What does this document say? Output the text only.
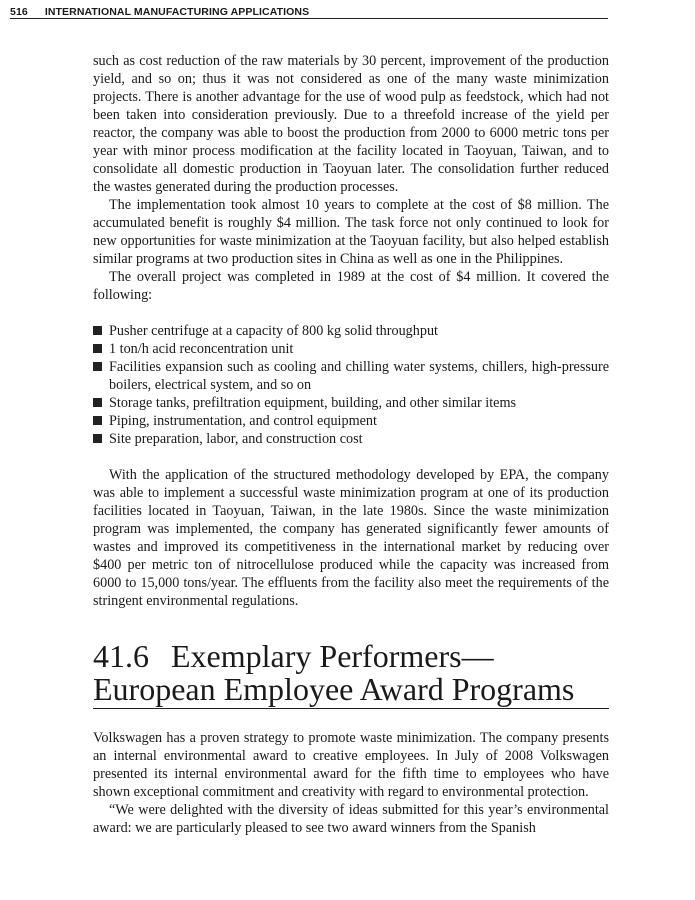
516 INTERNATIONAL MANUFACTURING APPLICATIONS

such as cost reduction of the raw materials by 30 percent, improvement of the production yield, and so on; thus it was not considered as one of the many waste minimization projects. There is another advantage for the use of wood pulp as feedstock, which had not been taken into consideration previously. Due to a threefold increase of the yield per reactor, the company was able to boost the production from 2000 to 6000 metric tons per year with minor process modification at the facility located in Taoyuan, Taiwan, and to consolidate all domestic production in Taoyuan later. The consolidation further reduced the wastes generated during the production processes.

The implementation took almost 10 years to complete at the cost of $8 million. The accumulated benefit is roughly $4 million. The task force not only continued to look for new opportunities for waste minimization at the Taoyuan facility, but also helped establish similar programs at two production sites in China as well as one in the Philippines.

The overall project was completed in 1989 at the cost of $4 million. It covered the following:

Pusher centrifuge at a capacity of 800 kg solid throughput
1 ton/h acid reconcentration unit
Facilities expansion such as cooling and chilling water systems, chillers, high-pressure boilers, electrical system, and so on
Storage tanks, prefiltration equipment, building, and other similar items
Piping, instrumentation, and control equipment
Site preparation, labor, and construction cost

With the application of the structured methodology developed by EPA, the company was able to implement a successful waste minimization program at one of its production facilities located in Taoyuan, Taiwan, in the late 1980s. Since the waste minimization program was implemented, the company has generated significantly fewer amounts of wastes and improved its competitiveness in the international market by reducing over $400 per metric ton of nitrocellulose produced while the capacity was increased from 6000 to 15,000 tons/year. The effluents from the facility also meet the requirements of the stringent environmental regulations.

41.6 Exemplary Performers—European Employee Award Programs

Volkswagen has a proven strategy to promote waste minimization. The company presents an internal environmental award to creative employees. In July of 2008 Volkswagen presented its internal environmental award for the fifth time to employees who have shown exceptional commitment and creativity with regard to environmental protection.

“We were delighted with the diversity of ideas submitted for this year’s environmental award: we are particularly pleased to see two award winners from the Spanish
